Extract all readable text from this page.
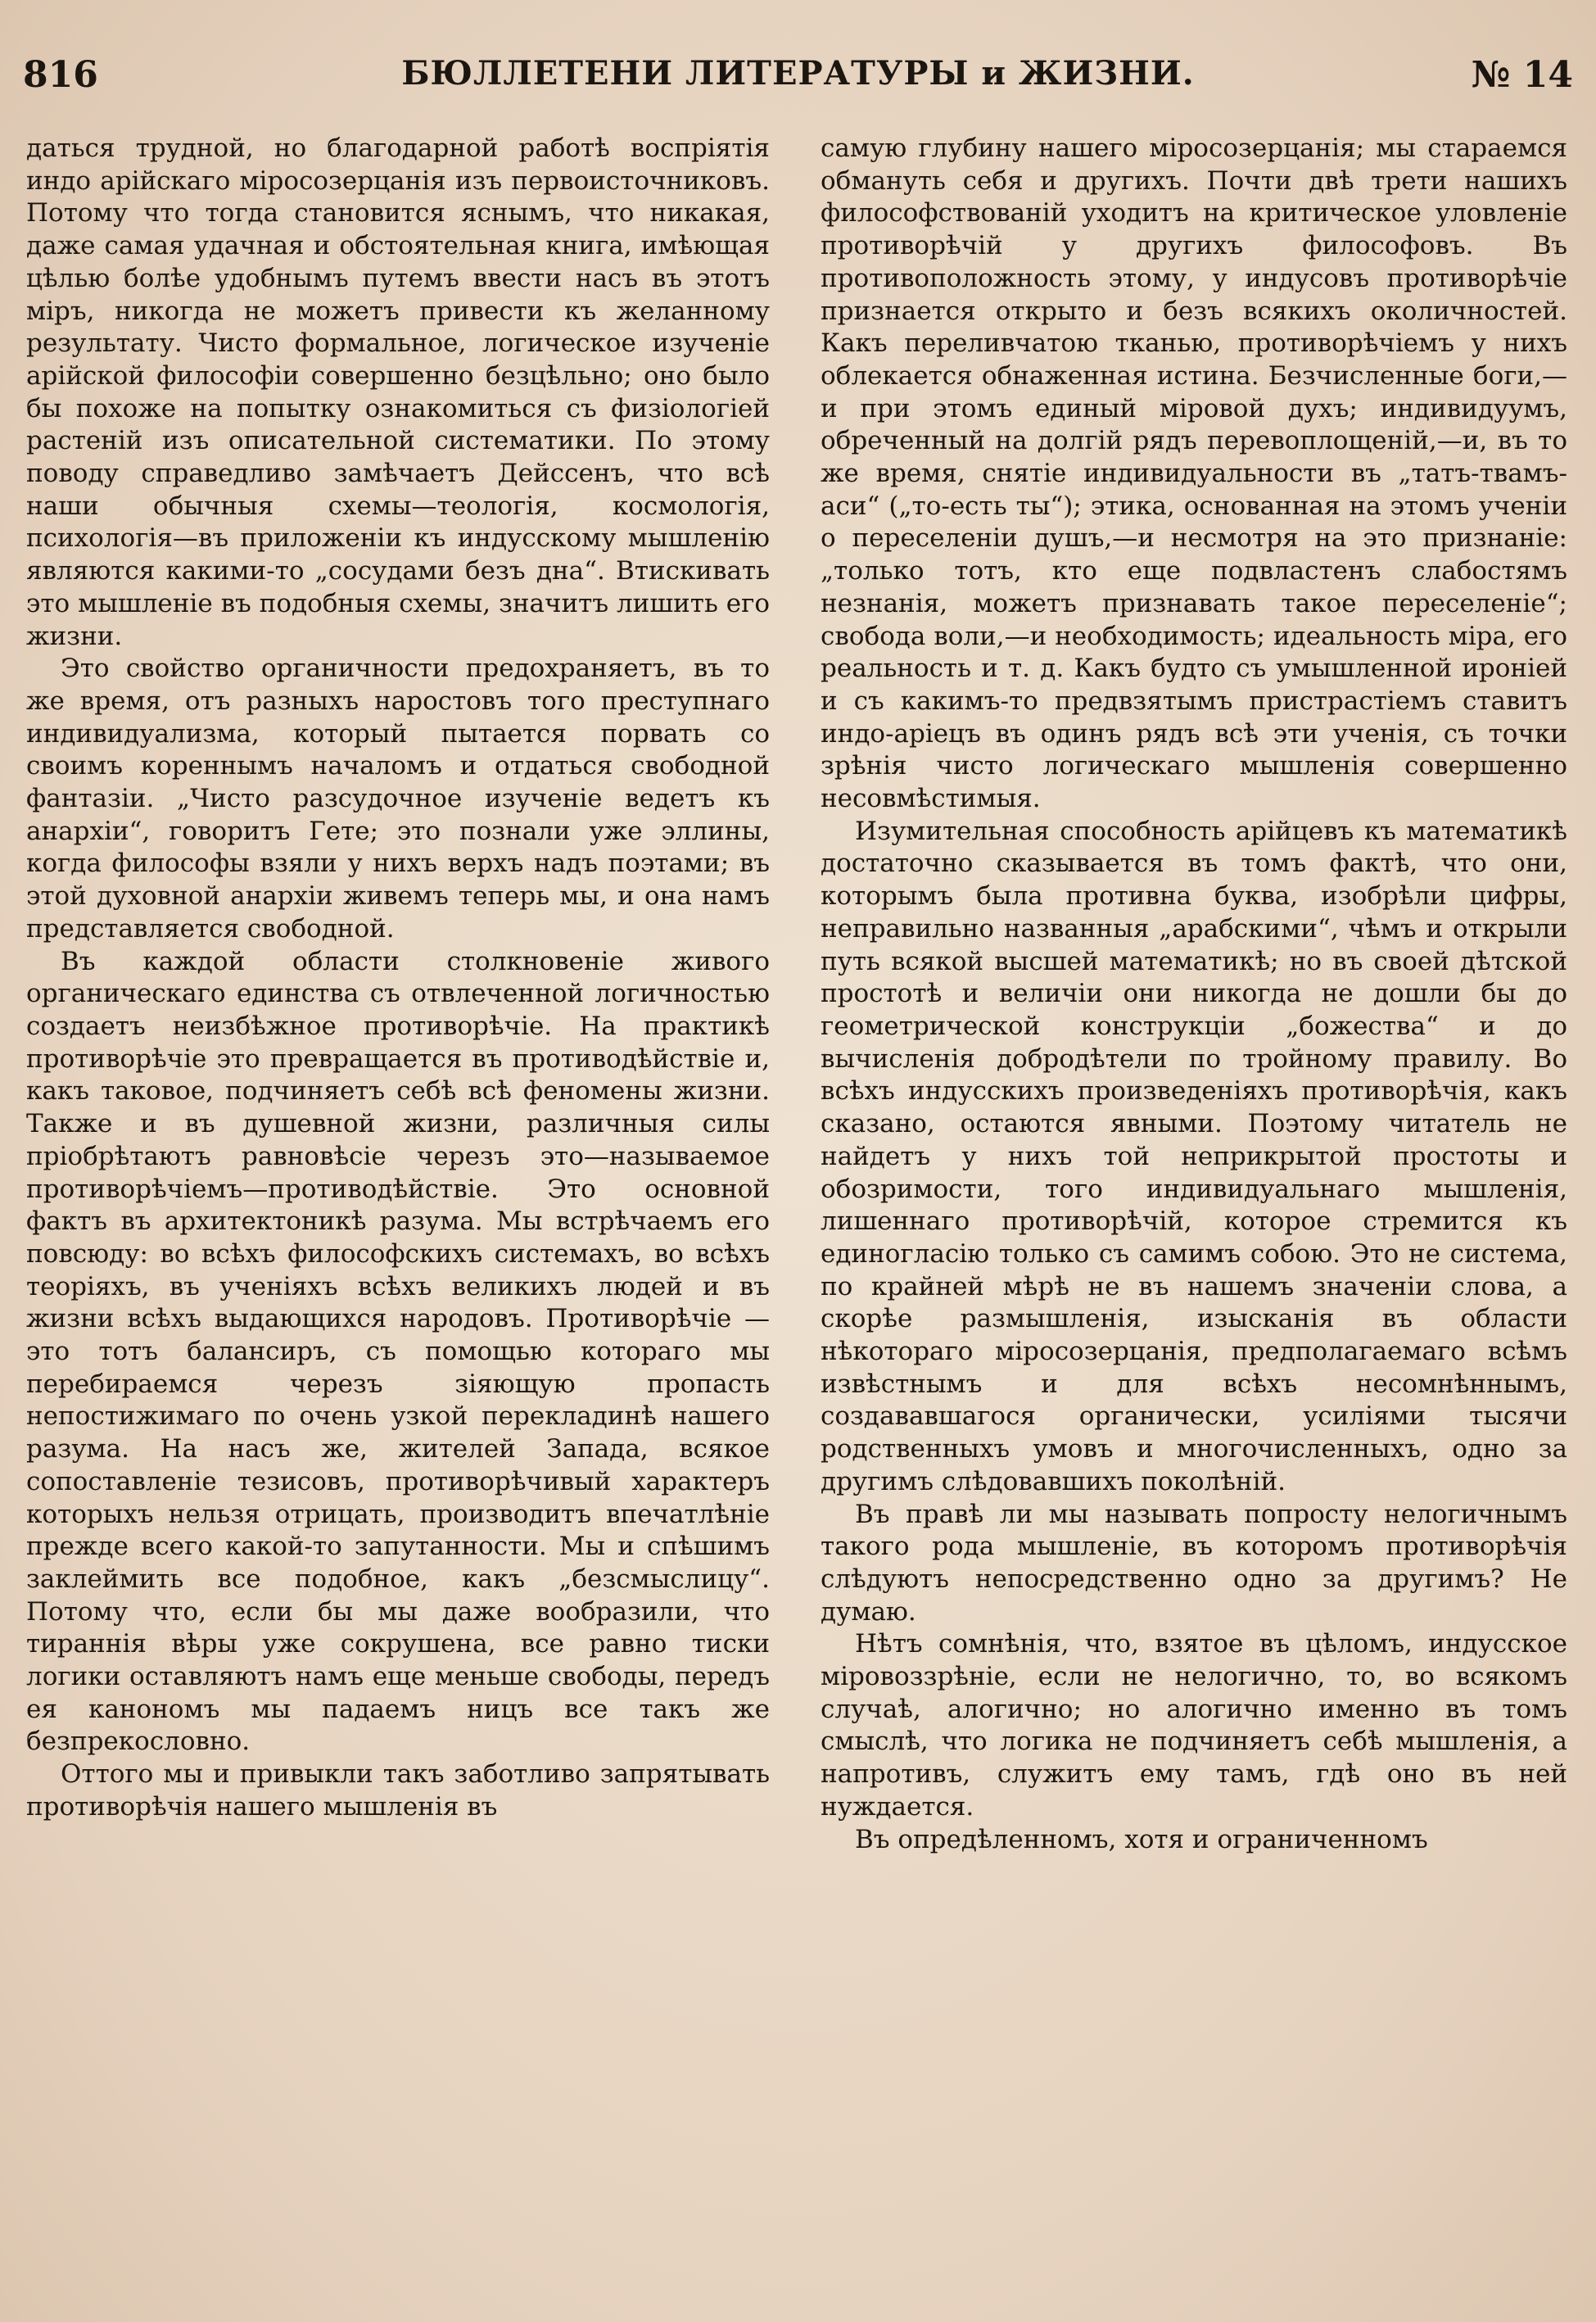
816	БЮЛЛЕТЕНИ ЛИТЕРАТУРЫ и ЖИЗНИ.	№ 14

даться трудной, но благодарной работѣ воспріятія индо арійскаго міросозерцанія изъ первоисточниковъ. Потому что тогда становится яснымъ, что никакая, даже самая удачная и обстоятельная книга, имѣющая цѣлью болѣе удобнымъ путемъ ввести насъ въ этотъ міръ, никогда не можетъ привести къ желанному результату. Чисто формальное, логическое изученіе арійской философіи совершенно безцѣльно; оно было бы похоже на попытку ознакомиться съ физіологіей растеній изъ описательной систематики. По этому поводу справедливо замѣчаетъ Дейссенъ, что всѣ наши обычныя схемы—теологія, космологія, психологія—въ приложеніи къ индусскому мышленію являются какими-то „сосудами безъ дна“. Втискивать это мышленіе въ подобныя схемы, значитъ лишить его жизни.

Это свойство органичности предохраняетъ, въ то же время, отъ разныхъ наростовъ того преступнаго индивидуализма, который пытается порвать со своимъ кореннымъ началомъ и отдаться свободной фантазіи. „Чисто разсудочное изученіе ведетъ къ анархіи“, говоритъ Гете; это познали уже эллины, когда философы взяли у нихъ верхъ надъ поэтами; въ этой духовной анархіи живемъ теперь мы, и она намъ представляется свободной.

Въ каждой области столкновеніе живого органическаго единства съ отвлеченной логичностью создаетъ неизбѣжное противорѣчіе. На практикѣ противорѣчіе это превращается въ противодѣйствіе и, какъ таковое, подчиняетъ себѣ всѣ феномены жизни. Также и въ душевной жизни, различныя силы пріобрѣтаютъ равновѣсіе черезъ это—называемое противорѣчіемъ—противодѣйствіе. Это основной фактъ въ архитектоникѣ разума. Мы встрѣчаемъ его повсюду: во всѣхъ философскихъ системахъ, во всѣхъ теоріяхъ, въ ученіяхъ всѣхъ великихъ людей и въ жизни всѣхъ выдающихся народовъ. Противорѣчіе — это тотъ балансиръ, съ помощью котораго мы перебираемся черезъ зіяющую пропасть непостижимаго по очень узкой перекладинѣ нашего разума. На насъ же, жителей Запада, всякое сопоставленіе тезисовъ, противорѣчивый характеръ которыхъ нельзя отрицать, производитъ впечатлѣніе прежде всего какой-то запутанности. Мы и спѣшимъ заклеймить все подобное, какъ „безсмыслицу“. Потому что, если бы мы даже вообразили, что тираннія вѣры уже сокрушена, все равно тиски логики оставляютъ намъ еще меньше свободы, передъ ея канономъ мы падаемъ ницъ все такъ же безпрекословно.

Оттого мы и привыкли такъ заботливо запрятывать противорѣчія нашего мышленія въ

самую глубину нашего міросозерцанія; мы стараемся обмануть себя и другихъ. Почти двѣ трети нашихъ философствованій уходитъ на критическое уловленіе противорѣчій у другихъ философовъ. Въ противоположность этому, у индусовъ противорѣчіе признается открыто и безъ всякихъ околичностей. Какъ переливчатою тканью, противорѣчіемъ у нихъ облекается обнаженная истина. Безчисленные боги,—и при этомъ единый міровой духъ; индивидуумъ, обреченный на долгій рядъ перевоплощеній,—и, въ то же время, снятіе индивидуальности въ „татъ-твамъ-аси“ („то-есть ты“); этика, основанная на этомъ ученіи о переселеніи душъ,—и несмотря на это признаніе: „только тотъ, кто еще подвластенъ слабостямъ незнанія, можетъ признавать такое переселеніе“; свобода воли,—и необходимость; идеальность міра, его реальность и т. д. Какъ будто съ умышленной ироніей и съ какимъ-то предвзятымъ пристрастіемъ ставитъ индо-аріецъ въ одинъ рядъ всѣ эти ученія, съ точки зрѣнія чисто логическаго мышленія совершенно несовмѣстимыя.

Изумительная способность арійцевъ къ математикѣ достаточно сказывается въ томъ фактѣ, что они, которымъ была противна буква, изобрѣли цифры, неправильно названныя „арабскими“, чѣмъ и открыли путь всякой высшей математикѣ; но въ своей дѣтской простотѣ и величіи они никогда не дошли бы до геометрической конструкціи „божества“ и до вычисленія добродѣтели по тройному правилу. Во всѣхъ индусскихъ произведеніяхъ противорѣчія, какъ сказано, остаются явными. Поэтому читатель не найдетъ у нихъ той неприкрытой простоты и обозримости, того индивидуальнаго мышленія, лишеннаго противорѣчій, которое стремится къ единогласію только съ самимъ собою. Это не система, по крайней мѣрѣ не въ нашемъ значеніи слова, а скорѣе размышленія, изысканія въ области нѣкотораго міросозерцанія, предполагаемаго всѣмъ извѣстнымъ и для всѣхъ несомнѣннымъ, создававшагося органически, усиліями тысячи родственныхъ умовъ и многочисленныхъ, одно за другимъ слѣдовавшихъ поколѣній.

Въ правѣ ли мы называть попросту нелогичнымъ такого рода мышленіе, въ которомъ противорѣчія слѣдуютъ непосредственно одно за другимъ? Не думаю.

Нѣтъ сомнѣнія, что, взятое въ цѣломъ, индусское міровоззрѣніе, если не нелогично, то, во всякомъ случаѣ, алогично; но алогично именно въ томъ смыслѣ, что логика не подчиняетъ себѣ мышленія, а напротивъ, служитъ ему тамъ, гдѣ оно въ ней нуждается.

Въ опредѣленномъ, хотя и ограниченномъ
